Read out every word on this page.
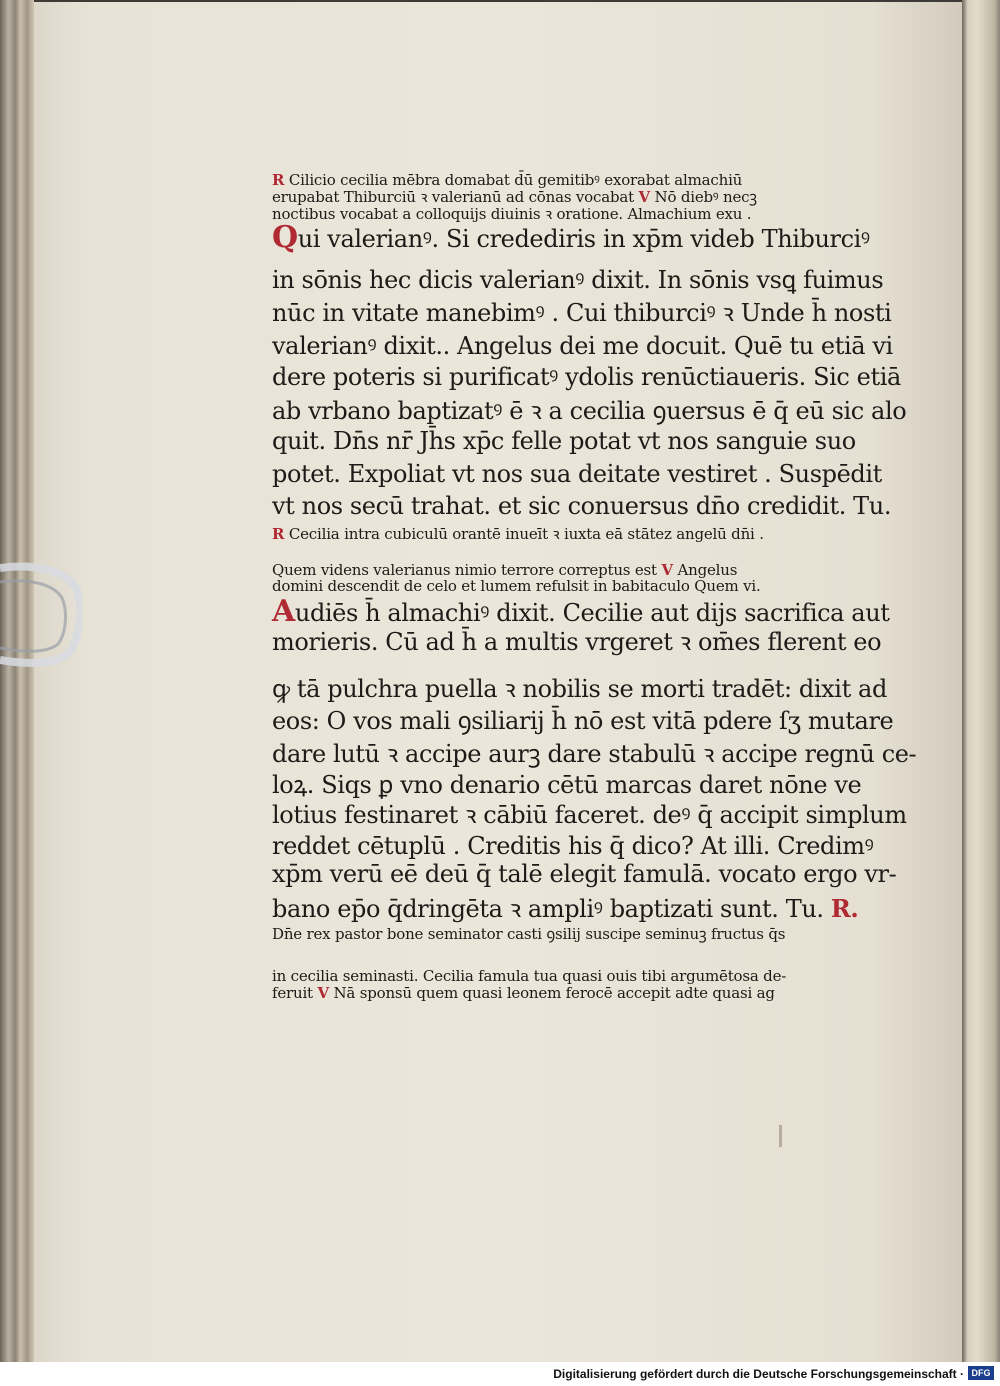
R Cilicio cecilia mēbra domabat d̄ū gemitibꝰ exorabat almachiū
erupabat Thiburciū ꝛ valerianū ad cōnas vocabat V Nō diebꝰ necꝫ
noctibus vocabat a colloquijs diuinis ꝛ oratione. Almachium exu .
Qui valerianꝰ. Si credediris in xp̄m videb Thiburciꝰ
in sōnis hec dicis valerianꝰ dixit. In sōnis vsꝗ fuimus
nūc in vitate manebimꝰ . Cui thiburciꝰ ꝛ Unde h̄ nosti
valerianꝰ dixit.. Angelus dei me docuit. Quē tu etiā vi
dere poteris si purificatꝰ ydolis renūctiaueris. Sic etiā
ab vrbano baptizatꝰ ē ꝛ a cecilia ꝯuersus ē q̄ eū sic alo
quit. Dn̄s nr̄ Jh̄s xp̄c felle potat vt nos sanguie suo
potet. Expoliat vt nos sua deitate vestiret . Suspēdit
vt nos secū trahat. et sic conuersus dn̄o credidit. Tu.
R Cecilia intra cubiculū orantē inueīt ꝛ iuxta eā stātez angelū dn̄i .
Quem videns valerianus nimio terrore correptus est V Angelus
domini descendit de celo et lumem refulsit in babitaculo Quem vi.
Audiēs h̄ almachiꝰ dixit. Cecilie aut dijs sacrifica aut
morieris. Cū ad h̄ a multis vrgeret ꝛ om̄es flerent eo
ꝙ tā pulchra puella ꝛ nobilis se morti tradēt: dixit ad
eos: O vos mali ꝯsiliarij h̄ nō est vitā pdere ſʒ mutare
dare lutū ꝛ accipe aurꝫ dare stabulū ꝛ accipe regnū ce-
loꝝ. Siqs ꝑ vno denario cētū marcas daret nōne ve
lotius festinaret ꝛ cābiū faceret. deꝰ q̄ accipit simplum
reddet cētuplū . Creditis his q̄ dico? At illi. Credimꝰ
xp̄m verū eē deū q̄ talē elegit famulā. vocato ergo vr-
bano ep̄o q̄dringēta ꝛ ampliꝰ baptizati sunt. Tu. R.
Dn̄e rex pastor bone seminator casti ꝯsilij suscipe seminuꝫ fructus q̄s
in cecilia seminasti. Cecilia famula tua quasi ouis tibi argumētosa de-
feruit V Nā sponsū quem quasi leonem ferocē accepit adte quasi ag
Digitalisierung gefördert durch die Deutsche Forschungsgemeinschaft · DFG
